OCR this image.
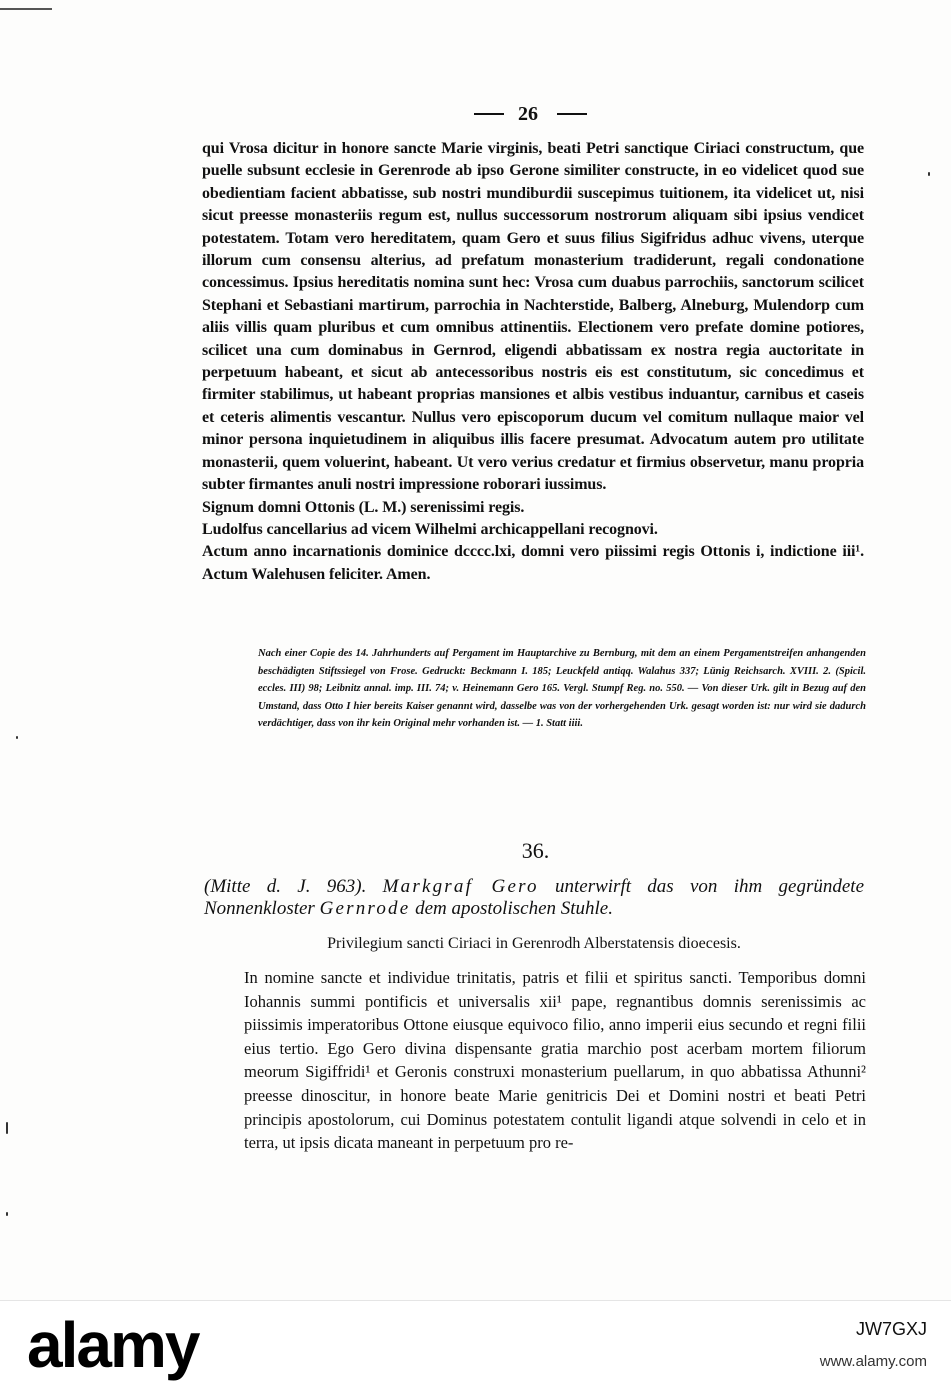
26

qui Vrosa dicitur in honore sancte Marie virginis, beati Petri sanctique Ciriaci constructum, que puelle subsunt ecclesie in Gerenrode ab ipso Gerone similiter constructe, in eo videlicet quod sue obedientiam facient abbatisse, sub nostri mundiburdii suscepimus tuitionem, ita videlicet ut, nisi sicut preesse monasteriis regum est, nullus successorum nostrorum aliquam sibi ipsius vendicet potestatem. Totam vero hereditatem, quam Gero et suus filius Sigifridus adhuc vivens, uterque illorum cum consensu alterius, ad prefatum monasterium tradiderunt, regali condonatione concessimus. Ipsius hereditatis nomina sunt hec: Vrosa cum duabus parrochiis, sanctorum scilicet Stephani et Sebastiani martirum, parrochia in Nachterstide, Balberg, Alneburg, Mulendorp cum aliis villis quam pluribus et cum omnibus attinentiis. Electionem vero prefate domine potiores, scilicet una cum dominabus in Gernrod, eligendi abbatissam ex nostra regia auctoritate in perpetuum habeant, et sicut ab antecessoribus nostris eis est constitutum, sic concedimus et firmiter stabilimus, ut habeant proprias mansiones et albis vestibus induantur, carnibus et caseis et ceteris alimentis vescantur. Nullus vero episcoporum ducum vel comitum nullaque maior vel minor persona inquietudinem in aliquibus illis facere presumat. Advocatum autem pro utilitate monasterii, quem voluerint, habeant. Ut vero verius credatur et firmius observetur, manu propria subter firmantes anuli nostri impressione roborari iussimus.

Signum domni Ottonis (L. M.) serenissimi regis.

Ludolfus cancellarius ad vicem Wilhelmi archicappellani recognovi.

Actum anno incarnationis dominice dcccc.lxi, domni vero piissimi regis Ottonis i, indictione iii¹. Actum Walehusen feliciter. Amen.

Nach einer Copie des 14. Jahrhunderts auf Pergament im Hauptarchive zu Bernburg, mit dem an einem Pergamentstreifen anhangenden beschädigten Stiftssiegel von Frose. Gedruckt: Beckmann I. 185; Leuckfeld antiqq. Walahus 337; Lünig Reichsarch. XVIII. 2. (Spicil. eccles. III) 98; Leibnitz annal. imp. III. 74; v. Heinemann Gero 165. Vergl. Stumpf Reg. no. 550. — Von dieser Urk. gilt in Bezug auf den Umstand, dass Otto I hier bereits Kaiser genannt wird, dasselbe was von der vorhergehenden Urk. gesagt worden ist: nur wird sie dadurch verdächtiger, dass von ihr kein Original mehr vorhanden ist. — 1. Statt iiii.
36.
(Mitte d. J. 963). Markgraf Gero unterwirft das von ihm gegründete Nonnenkloster Gernrode dem apostolischen Stuhle.
Privilegium sancti Ciriaci in Gerenrodh Alberstatensis dioecesis.

In nomine sancte et individue trinitatis, patris et filii et spiritus sancti. Temporibus domni Iohannis summi pontificis et universalis xii¹ pape, regnantibus domnis serenissimis ac piissimis imperatoribus Ottone eiusque equivoco filio, anno imperii eius secundo et regni filii eius tertio. Ego Gero divina dispensante gratia marchio post acerbam mortem filiorum meorum Sigiffridi¹ et Geronis construxi monasterium puellarum, in quo abbatissa Athunni² preesse dinoscitur, in honore beate Marie genitricis Dei et Domini nostri et beati Petri principis apostolorum, cui Dominus potestatem contulit ligandi atque solvendi in celo et in terra, ut ipsis dicata maneant in perpetuum pro re-

alamy	JW7GXJ
www.alamy.com
